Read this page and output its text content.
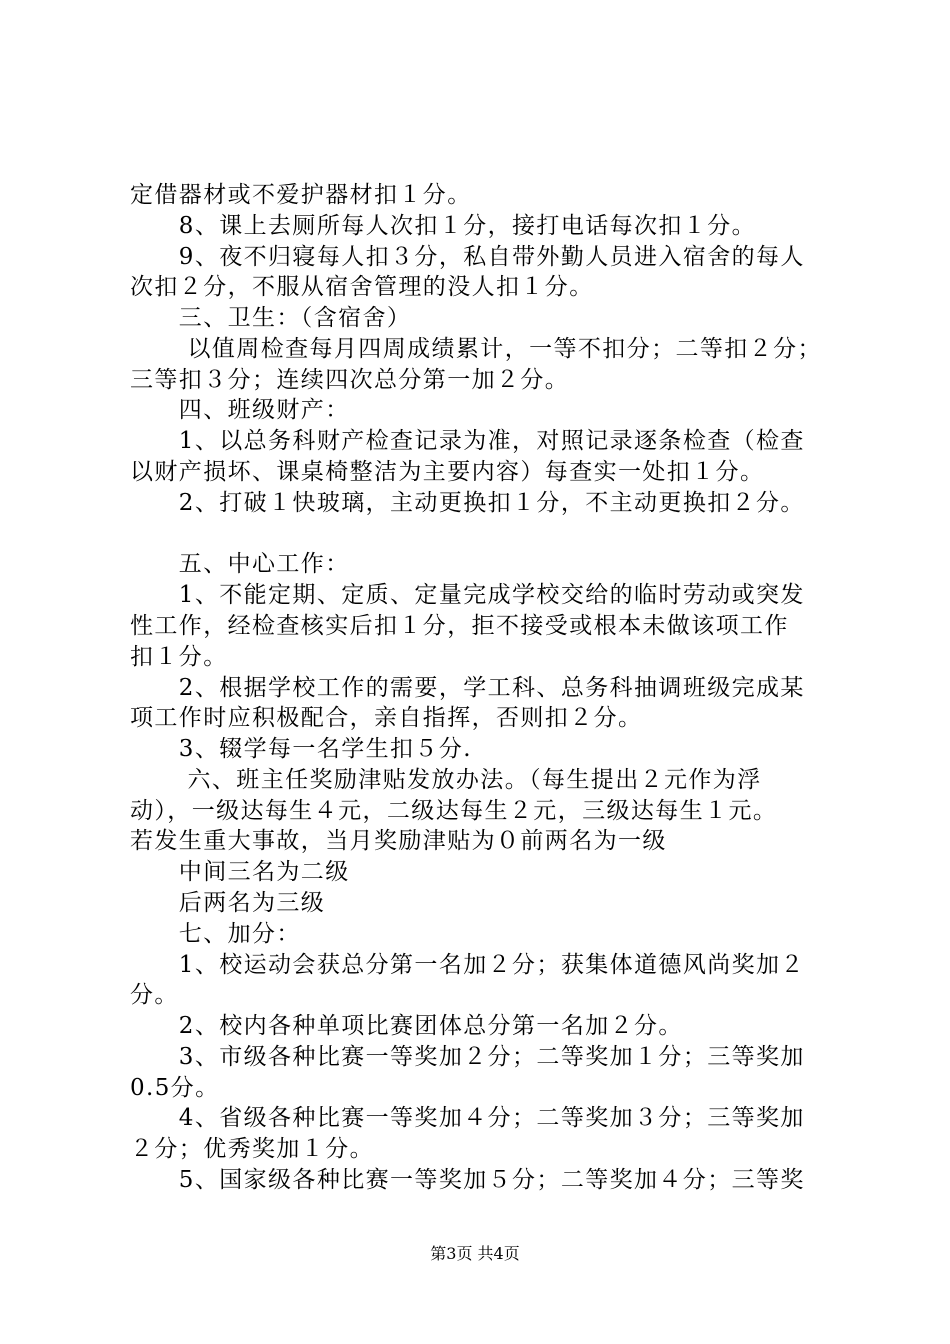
定借器材或不爱护器材扣１分。
　　8、课上去厕所每人次扣１分，接打电话每次扣１分。
　　9、夜不归寝每人扣３分，私自带外勤人员进入宿舍的每人
次扣２分，不服从宿舍管理的没人扣１分。
　　三、卫生：（含宿舍）
　　 以值周检查每月四周成绩累计，一等不扣分；二等扣２分；
三等扣３分；连续四次总分第一加２分。
　　四、班级财产：
　　1、以总务科财产检查记录为准，对照记录逐条检查（检查
以财产损坏、课桌椅整洁为主要内容）每查实一处扣１分。
　　2、打破１快玻璃，主动更换扣１分，不主动更换扣２分。
　　五、中心工作：
　　1、不能定期、定质、定量完成学校交给的临时劳动或突发
性工作，经检查核实后扣１分，拒不接受或根本未做该项工作
扣１分。
　　2、根据学校工作的需要，学工科、总务科抽调班级完成某
项工作时应积极配合，亲自指挥，否则扣２分。
　　3、辍学每一名学生扣５分.
　　 六、班主任奖励津贴发放办法。（每生提出２元作为浮
动），一级达每生４元，二级达每生２元，三级达每生１元。
若发生重大事故，当月奖励津贴为０前两名为一级
　　中间三名为二级
　　后两名为三级
　　七、加分：
　　1、校运动会获总分第一名加２分；获集体道德风尚奖加２
分。
　　2、校内各种单项比赛团体总分第一名加２分。
　　3、市级各种比赛一等奖加２分；二等奖加１分；三等奖加
0.5分。
　　4、省级各种比赛一等奖加４分；二等奖加３分；三等奖加
２分；优秀奖加１分。
　　5、国家级各种比赛一等奖加５分；二等奖加４分；三等奖
第3页 共4页
